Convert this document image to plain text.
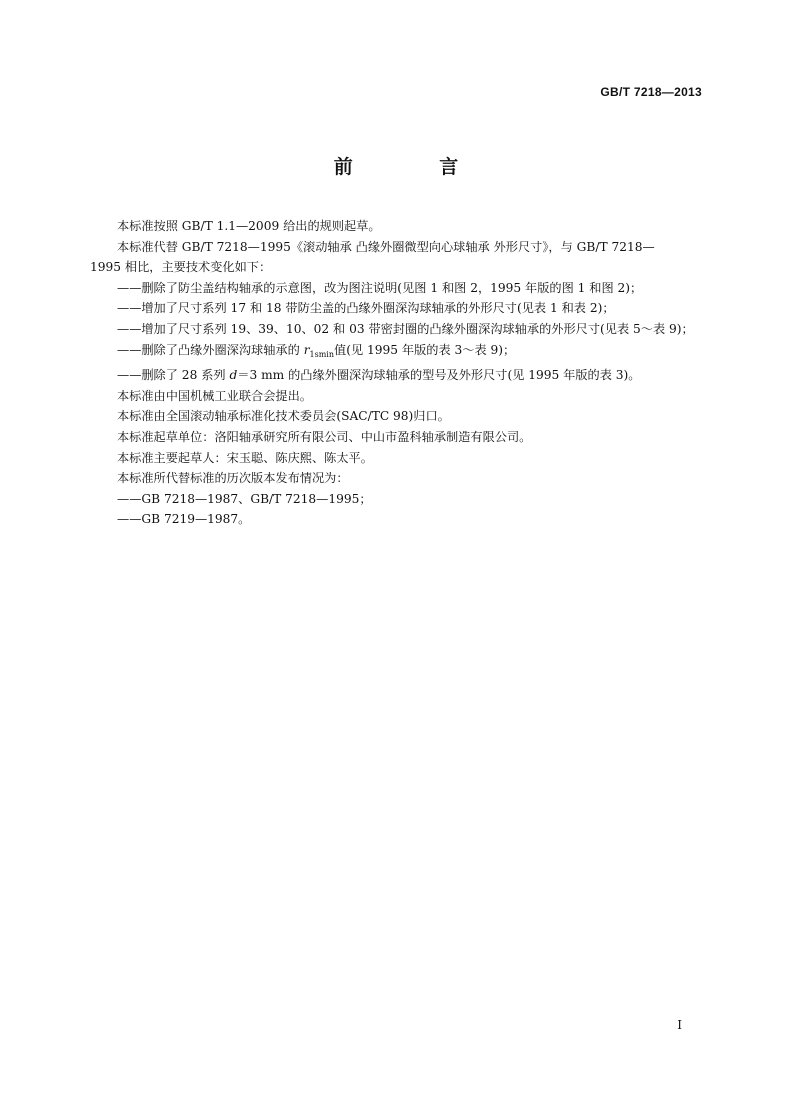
GB/T 7218—2013
前 言

本标准按照 GB/T 1.1—2009 给出的规则起草。

本标准代替 GB/T 7218—1995《滚动轴承 凸缘外圈微型向心球轴承 外形尺寸》，与 GB/T 7218—

1995 相比，主要技术变化如下：

——删除了防尘盖结构轴承的示意图，改为图注说明(见图 1 和图 2，1995 年版的图 1 和图 2)；

——增加了尺寸系列 17 和 18 带防尘盖的凸缘外圈深沟球轴承的外形尺寸(见表 1 和表 2)；

——增加了尺寸系列 19、39、10、02 和 03 带密封圈的凸缘外圈深沟球轴承的外形尺寸(见表 5～表 9)；

——删除了凸缘外圈深沟球轴承的 $r_{1smin}$值(见 1995 年版的表 3～表 9)；

——删除了 28 系列 d＝3 mm 的凸缘外圈深沟球轴承的型号及外形尺寸(见 1995 年版的表 3)。

本标准由中国机械工业联合会提出。

本标准由全国滚动轴承标准化技术委员会(SAC/TC 98)归口。

本标准起草单位：洛阳轴承研究所有限公司、中山市盈科轴承制造有限公司。

本标准主要起草人：宋玉聪、陈庆熙、陈太平。

本标准所代替标准的历次版本发布情况为：

——GB 7218—1987、GB/T 7218—1995；

——GB 7219—1987。

I
